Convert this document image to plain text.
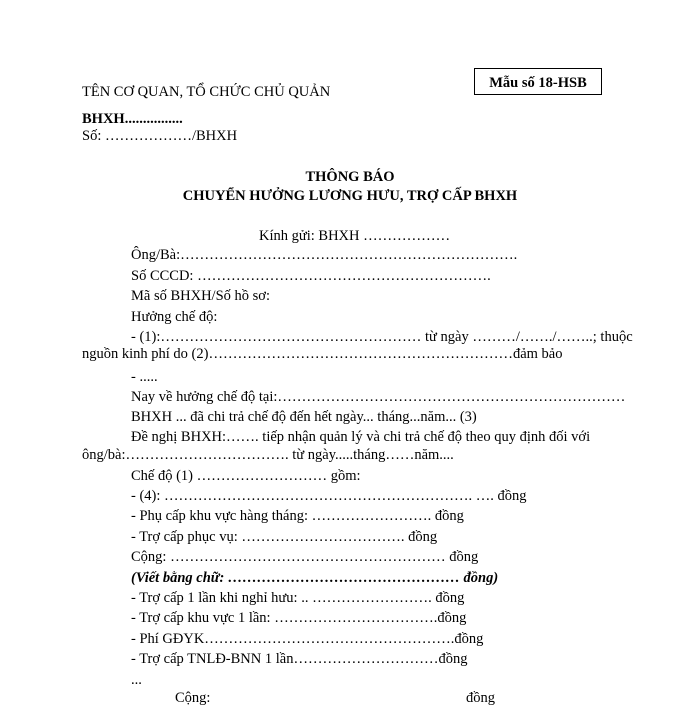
TÊN CƠ QUAN, TỔ CHỨC CHỦ QUẢN
Mẫu số 18-HSB
BHXH................
Số: ………………/BHXH
THÔNG BÁO
CHUYỂN HƯỞNG LƯƠNG HƯU, TRỢ CẤP BHXH
Kính gửi: BHXH ………………
Ông/Bà:…………………………………………………………….
Số CCCD: …………………………………………………….
Mã số BHXH/Số hồ sơ:
Hưởng chế độ:
- (1):……………………………………………… từ ngày ………/……./……..; thuộc
nguồn kinh phí do (2)………………………………………………………đảm bảo
- .....
Nay về hưởng chế độ tại:………………………………………………………………
BHXH ... đã chi trả chế độ đến hết ngày... tháng...năm... (3)
Đề nghị BHXH:……. tiếp nhận quản lý và chi trả chế độ theo quy định đối với
ông/bà:……………………………. từ ngày.....tháng……năm....
Chế độ (1) ……………………… gồm:
- (4): ………………………………………………………. …. đồng
- Phụ cấp khu vực hàng tháng: ……………………. đồng
- Trợ cấp phục vụ: ……………………………. đồng
Cộng: ………………………………………………… đồng
(Viết bằng chữ: ………………………………………… đồng)
- Trợ cấp 1 lần khi nghỉ hưu: .. ……………………. đồng
- Trợ cấp khu vực 1 lần: …………………………….đồng
- Phí GĐYK…………………………………………….đồng
- Trợ cấp TNLĐ-BNN 1 lần…………………………đồng
...
Cộng:	đồng
